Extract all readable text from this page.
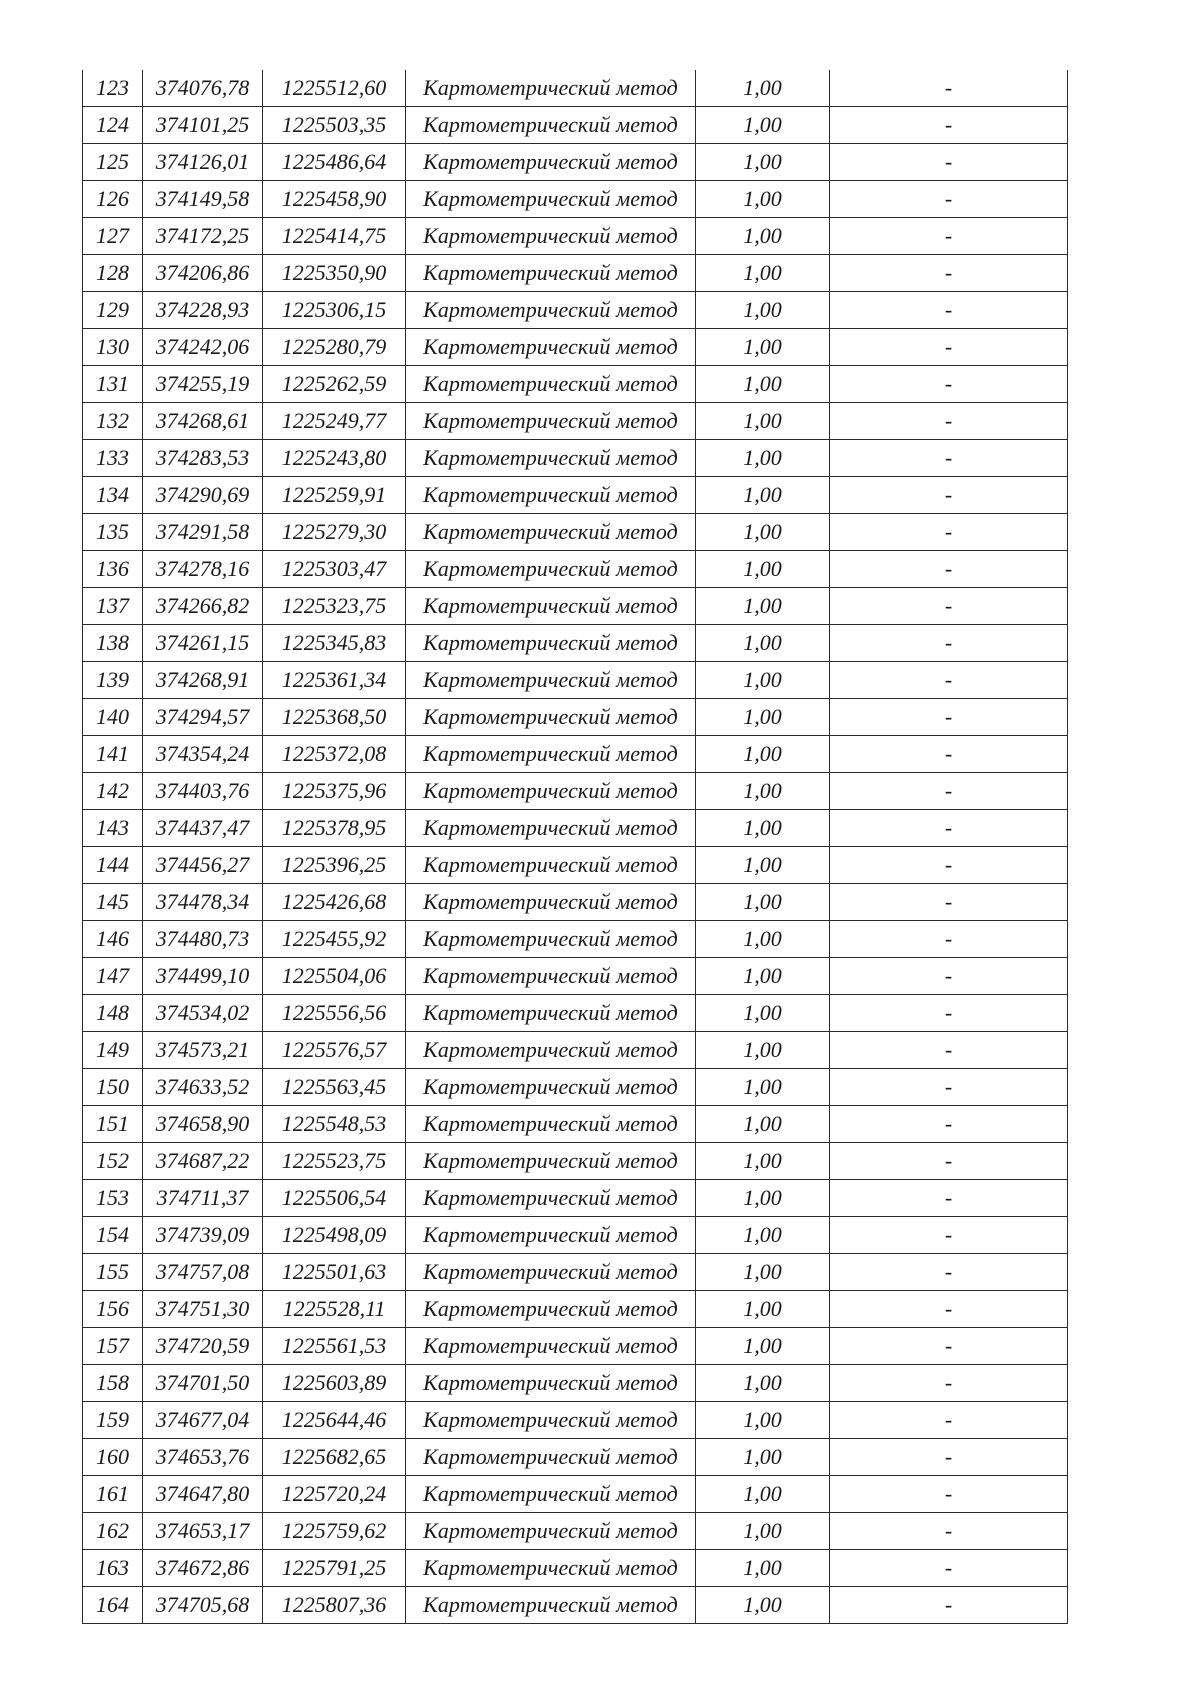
123	374076,78	1225512,60	Картометрический метод	1,00	-
124	374101,25	1225503,35	Картометрический метод	1,00	-
125	374126,01	1225486,64	Картометрический метод	1,00	-
126	374149,58	1225458,90	Картометрический метод	1,00	-
127	374172,25	1225414,75	Картометрический метод	1,00	-
128	374206,86	1225350,90	Картометрический метод	1,00	-
129	374228,93	1225306,15	Картометрический метод	1,00	-
130	374242,06	1225280,79	Картометрический метод	1,00	-
131	374255,19	1225262,59	Картометрический метод	1,00	-
132	374268,61	1225249,77	Картометрический метод	1,00	-
133	374283,53	1225243,80	Картометрический метод	1,00	-
134	374290,69	1225259,91	Картометрический метод	1,00	-
135	374291,58	1225279,30	Картометрический метод	1,00	-
136	374278,16	1225303,47	Картометрический метод	1,00	-
137	374266,82	1225323,75	Картометрический метод	1,00	-
138	374261,15	1225345,83	Картометрический метод	1,00	-
139	374268,91	1225361,34	Картометрический метод	1,00	-
140	374294,57	1225368,50	Картометрический метод	1,00	-
141	374354,24	1225372,08	Картометрический метод	1,00	-
142	374403,76	1225375,96	Картометрический метод	1,00	-
143	374437,47	1225378,95	Картометрический метод	1,00	-
144	374456,27	1225396,25	Картометрический метод	1,00	-
145	374478,34	1225426,68	Картометрический метод	1,00	-
146	374480,73	1225455,92	Картометрический метод	1,00	-
147	374499,10	1225504,06	Картометрический метод	1,00	-
148	374534,02	1225556,56	Картометрический метод	1,00	-
149	374573,21	1225576,57	Картометрический метод	1,00	-
150	374633,52	1225563,45	Картометрический метод	1,00	-
151	374658,90	1225548,53	Картометрический метод	1,00	-
152	374687,22	1225523,75	Картометрический метод	1,00	-
153	374711,37	1225506,54	Картометрический метод	1,00	-
154	374739,09	1225498,09	Картометрический метод	1,00	-
155	374757,08	1225501,63	Картометрический метод	1,00	-
156	374751,30	1225528,11	Картометрический метод	1,00	-
157	374720,59	1225561,53	Картометрический метод	1,00	-
158	374701,50	1225603,89	Картометрический метод	1,00	-
159	374677,04	1225644,46	Картометрический метод	1,00	-
160	374653,76	1225682,65	Картометрический метод	1,00	-
161	374647,80	1225720,24	Картометрический метод	1,00	-
162	374653,17	1225759,62	Картометрический метод	1,00	-
163	374672,86	1225791,25	Картометрический метод	1,00	-
164	374705,68	1225807,36	Картометрический метод	1,00	-
